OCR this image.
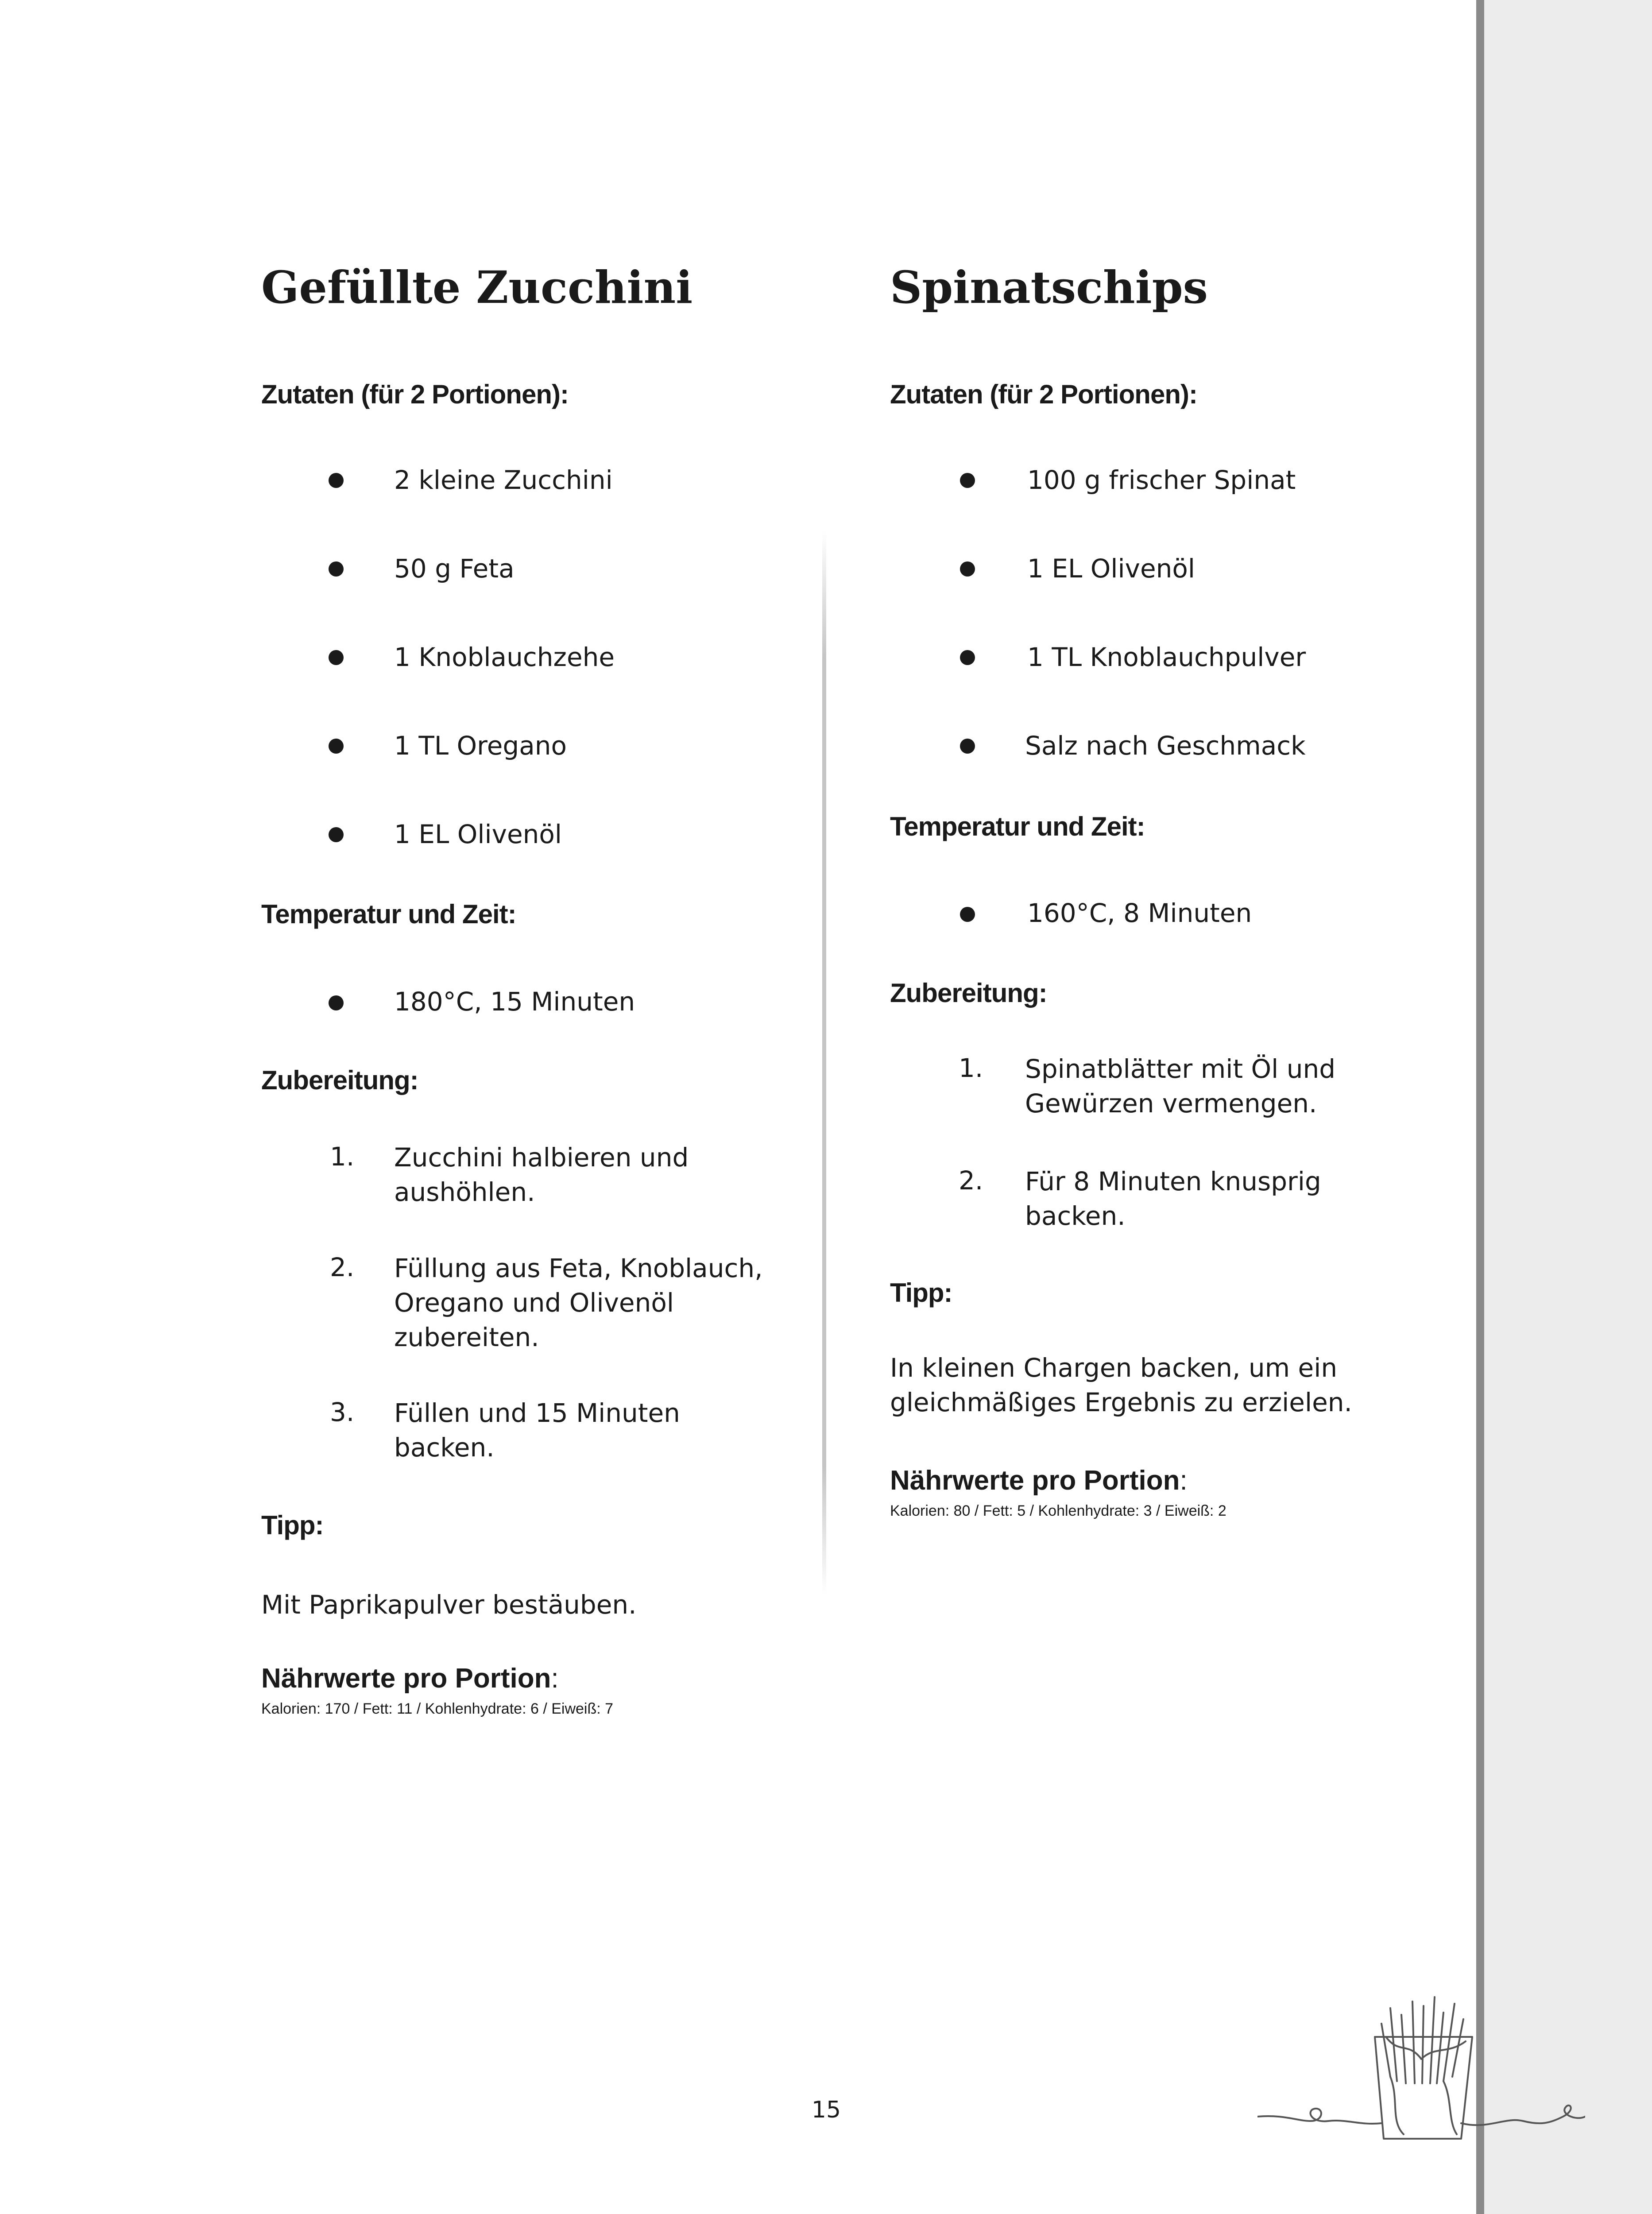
Gefüllte Zucchini
Zutaten (für 2 Portionen):
2 kleine Zucchini
50 g Feta
1 Knoblauchzehe
1 TL Oregano
1 EL Olivenöl
Temperatur und Zeit:
180°C, 15 Minuten
Zubereitung:
1. Zucchini halbieren und
aushöhlen.
2. Füllung aus Feta, Knoblauch,
Oregano und Olivenöl
zubereiten.
3. Füllen und 15 Minuten
backen.
Tipp:
Mit Paprikapulver bestäuben.
Nährwerte pro Portion:
Kalorien: 170 / Fett: 11 / Kohlenhydrate: 6 / Eiweiß: 7
Spinatschips
Zutaten (für 2 Portionen):
100 g frischer Spinat
1 EL Olivenöl
1 TL Knoblauchpulver
Salz nach Geschmack
Temperatur und Zeit:
160°C, 8 Minuten
Zubereitung:
1. Spinatblätter mit Öl und
Gewürzen vermengen.
2. Für 8 Minuten knusprig
backen.
Tipp:
In kleinen Chargen backen, um ein
gleichmäßiges Ergebnis zu erzielen.
Nährwerte pro Portion:
Kalorien: 80 / Fett: 5 / Kohlenhydrate: 3 / Eiweiß: 2
15
